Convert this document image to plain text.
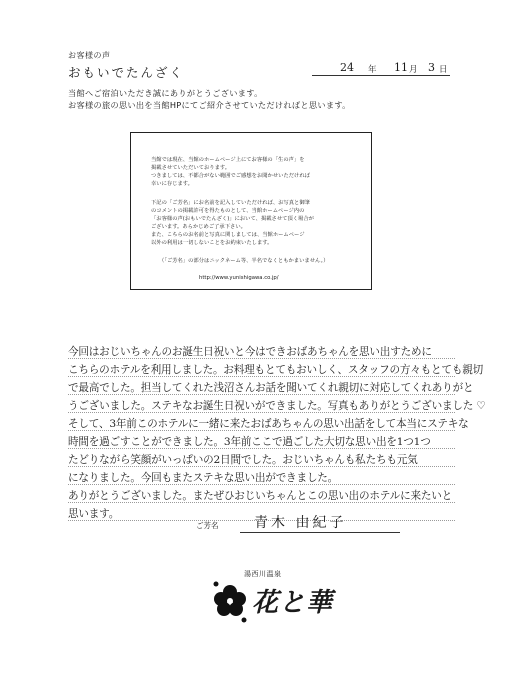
お客様の声
おもいでたんざく	24 年 11 月 3 日
当館へご宿泊いただき誠にありがとうございます。
お客様の旅の思い出を当館HPにてご紹介させていただければと思います。
当館では現在、当館のホームページ上にてお客様の「生の声」を
掲載させていただいております。
つきましては、不都合がない範囲でご感想をお聞かせいただければ
幸いに存じます。
下記の「ご芳名」にお名前を記入していただければ、お写真と御筆
のコメントの掲載許可を得たものとして、当館ホームページ内の
「お客様の声(おもいでたんざく)」において、掲載させて頂く場合が
ございます。あらかじめご了承下さい。
また、こちらのお名前と写真に関しましては、当館ホームページ
以外の利用は一切しないことをお約束いたします。
（「ご芳名」の部分はニックネーム等、半名でなくともかまいません。）
http://www.yunishigawa.co.jp/
今回はおじいちゃんのお誕生日祝いと今はできおばあちゃんを思い出すために
こちらのホテルを利用しました。お料理もとてもおいしく、スタッフの方々もとても親切
で最高でした。担当してくれた浅沼さんお話を聞いてくれ親切に対応してくれありがと
うございました。ステキなお誕生日祝いができました。写真もありがとうございました ♡
そして、3年前このホテルに一緒に来たおばあちゃんの思い出話をして本当にステキな
時間を過ごすことができました。3年前ここで過ごした大切な思い出を1つ1つ
たどりながら笑顔がいっぱいの2日間でした。おじいちゃんも私たちも元気
になりました。今回もまたステキな思い出ができました。
ありがとうございました。またぜひおじいちゃんとこの思い出のホテルに来たいと
思います。
ご芳名	青木 由紀子
湯西川温泉
花と華
